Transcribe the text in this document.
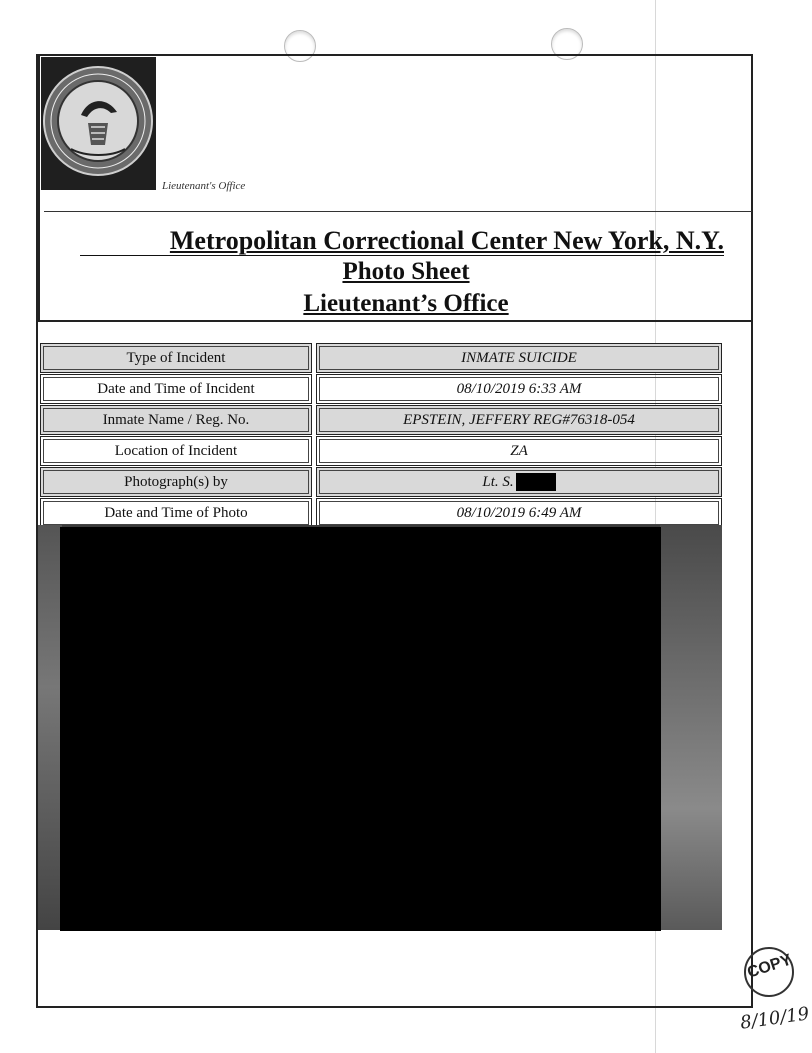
Lieutenant's Office
Metropolitan Correctional Center New York, N.Y.
Photo Sheet
Lieutenant’s Office
Type of Incident	INMATE SUICIDE
Date and Time of Incident	08/10/2019 6:33 AM
Inmate Name / Reg. No.	EPSTEIN, JEFFERY REG#76318-054
Location of Incident	ZA
Photograph(s) by	Lt. S.
Date and Time of Photo	08/10/2019 6:49 AM
COPY
8/10/19
